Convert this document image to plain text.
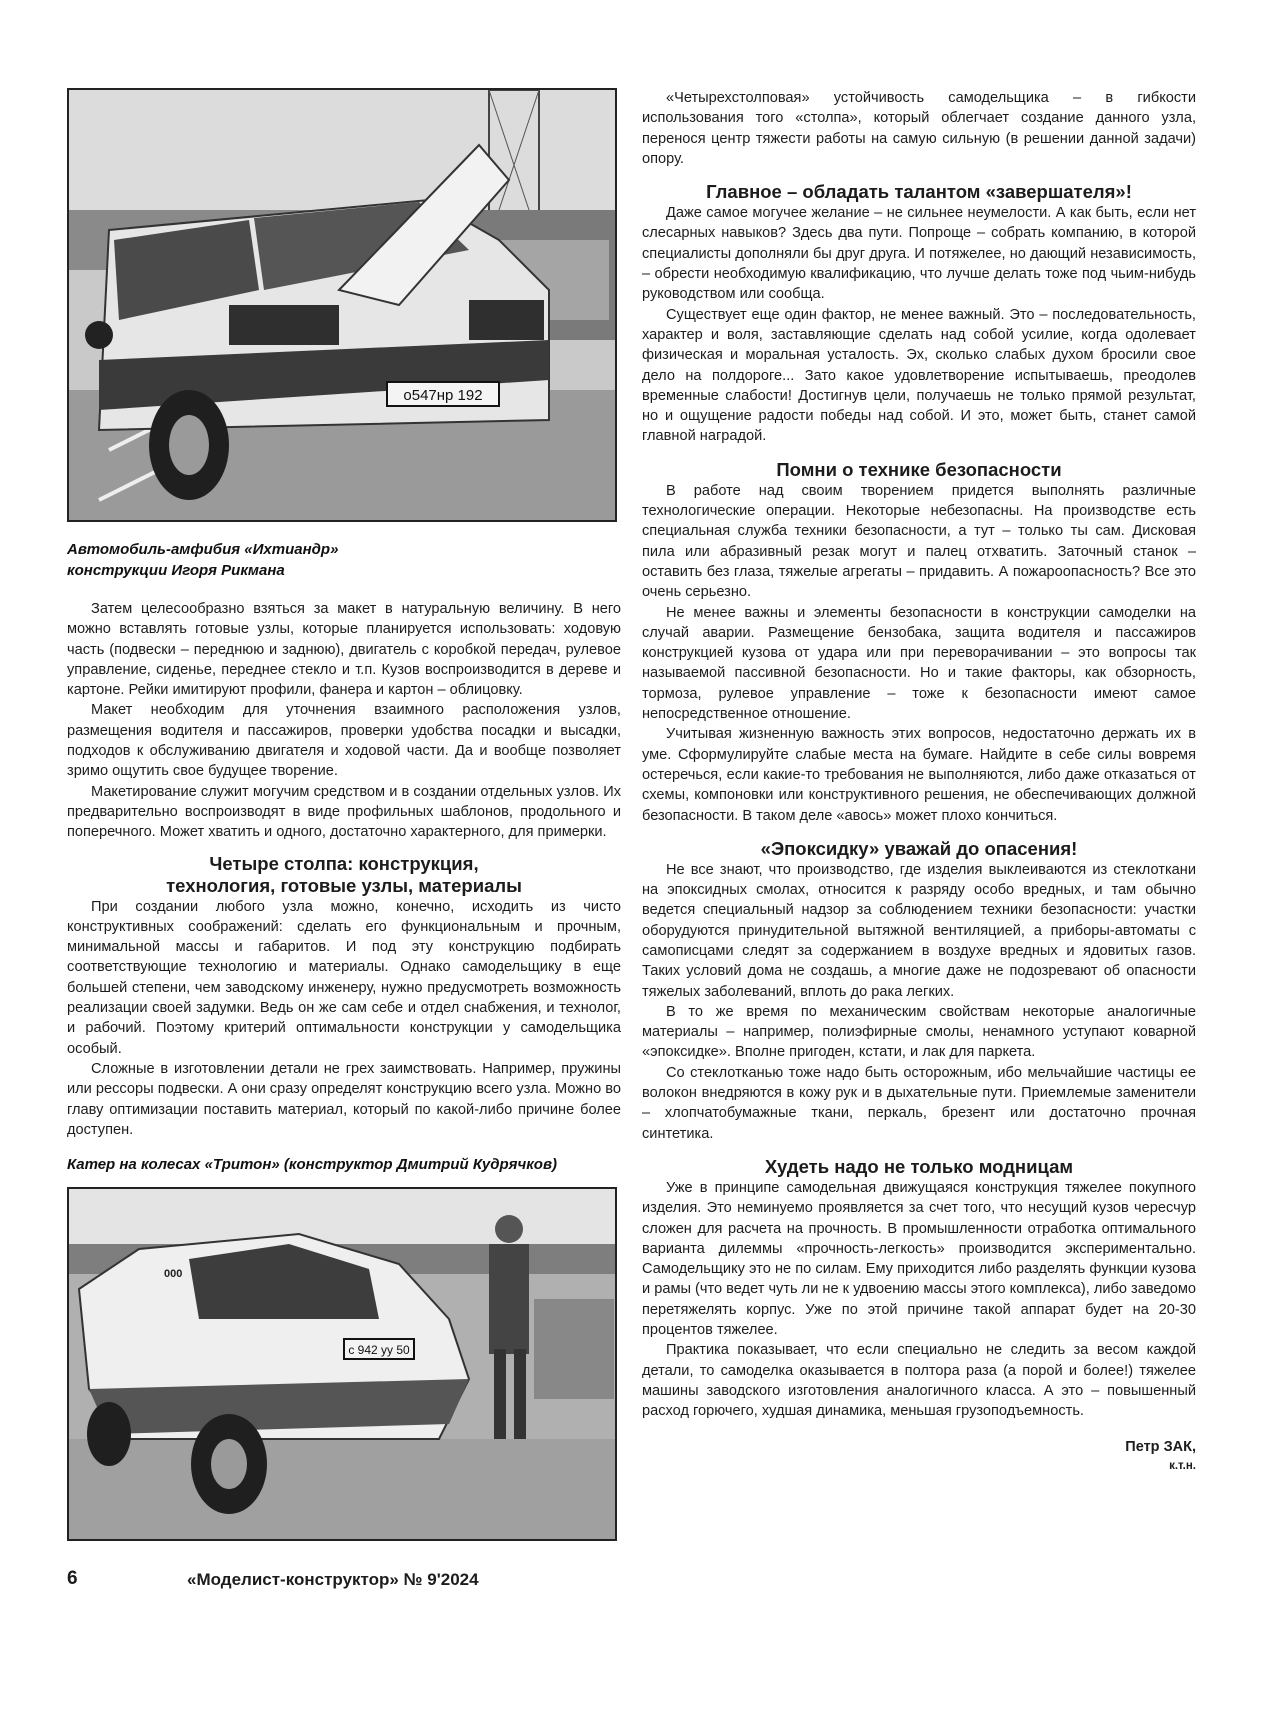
о547нр 192
Автомобиль-амфибия «Ихтиандр»
конструкции Игоря Рикмана

Затем целесообразно взяться за макет в натуральную величину. В него можно вставлять готовые узлы, которые планируется использовать: ходовую часть (подвески – переднюю и заднюю), двигатель с коробкой передач, рулевое управление, сиденье, переднее стекло и т.п. Кузов воспроизводится в дереве и картоне. Рейки имитируют профили, фанера и картон – облицовку.

Макет необходим для уточнения взаимного расположения узлов, размещения водителя и пассажиров, проверки удобства посадки и высадки, подходов к обслуживанию двигателя и ходовой части. Да и вообще позволяет зримо ощутить свое будущее творение.

Макетирование служит могучим средством и в создании отдельных узлов. Их предварительно воспроизводят в виде профильных шаблонов, продольного и поперечного. Может хватить и одного, достаточно характерного, для примерки.

Четыре столпа: конструкция,

технология, готовые узлы, материалы

При создании любого узла можно, конечно, исходить из чисто конструктивных соображений: сделать его функциональным и прочным, минимальной массы и габаритов. И под эту конструкцию подбирать соответствующие технологию и материалы. Однако самодельщику в еще большей степени, чем заводскому инженеру, нужно предусмотреть возможность реализации своей задумки. Ведь он же сам себе и отдел снабжения, и технолог, и рабочий. Поэтому критерий оптимальности конструкции у самодельщика особый.

Сложные в изготовлении детали не грех заимствовать. Например, пружины или рессоры подвески. А они сразу определят конструкцию всего узла. Можно во главу оптимизации поставить материал, который по какой-либо причине более доступен.

Катер на колесах «Тритон» (конструктор Дмитрий Кудрячков)
с 942 уу 50
000

«Четырехстолповая» устойчивость самодельщика – в гибкости использования того «столпа», который облегчает создание данного узла, перенося центр тяжести работы на самую сильную (в решении данной задачи) опору.

Главное – обладать талантом «завершателя»!

Даже самое могучее желание – не сильнее неумелости. А как быть, если нет слесарных навыков? Здесь два пути. Попроще – собрать компанию, в которой специалисты дополняли бы друг друга. И потяжелее, но дающий независимость, – обрести необходимую квалификацию, что лучше делать тоже под чьим-нибудь руководством или сообща.

Существует еще один фактор, не менее важный. Это – последовательность, характер и воля, заставляющие сделать над собой усилие, когда одолевает физическая и моральная усталость. Эх, сколько слабых духом бросили свое дело на полдороге... Зато какое удовлетворение испытываешь, преодолев временные слабости! Достигнув цели, получаешь не только прямой результат, но и ощущение радости победы над собой. И это, может быть, станет самой главной наградой.

Помни о технике безопасности

В работе над своим творением придется выполнять различные технологические операции. Некоторые небезопасны. На производстве есть специальная служба техники безопасности, а тут – только ты сам. Дисковая пила или абразивный резак могут и палец отхватить. Заточный станок – оставить без глаза, тяжелые агрегаты – придавить. А пожароопасность? Все это очень серьезно.

Не менее важны и элементы безопасности в конструкции самоделки на случай аварии. Размещение бензобака, защита водителя и пассажиров конструкцией кузова от удара или при переворачивании – это вопросы так называемой пассивной безопасности. Но и такие факторы, как обзорность, тормоза, рулевое управление – тоже к безопасности имеют самое непосредственное отношение.

Учитывая жизненную важность этих вопросов, недостаточно держать их в уме. Сформулируйте слабые места на бумаге. Найдите в себе силы вовремя остеречься, если какие-то требования не выполняются, либо даже отказаться от схемы, компоновки или конструктивного решения, не обеспечивающих должной безопасности. В таком деле «авось» может плохо кончиться.

«Эпоксидку» уважай до опасения!

Не все знают, что производство, где изделия выклеиваются из стеклоткани на эпоксидных смолах, относится к разряду особо вредных, и там обычно ведется специальный надзор за соблюдением техники безопасности: участки оборудуются принудительной вытяжной вентиляцией, а приборы-автоматы с самописцами следят за содержанием в воздухе вредных и ядовитых газов. Таких условий дома не создашь, а многие даже не подозревают об опасности тяжелых заболеваний, вплоть до рака легких.

В то же время по механическим свойствам некоторые аналогичные материалы – например, полиэфирные смолы, ненамного уступают коварной «эпоксидке». Вполне пригоден, кстати, и лак для паркета.

Со стеклотканью тоже надо быть осторожным, ибо мельчайшие частицы ее волокон внедряются в кожу рук и в дыхательные пути. Приемлемые заменители – хлопчатобумажные ткани, перкаль, брезент или достаточно прочная синтетика.

Худеть надо не только модницам

Уже в принципе самодельная движущаяся конструкция тяжелее покупного изделия. Это неминуемо проявляется за счет того, что несущий кузов чересчур сложен для расчета на прочность. В промышленности отработка оптимального варианта дилеммы «прочность-легкость» производится экспериментально. Самодельщику это не по силам. Ему приходится либо разделять функции кузова и рамы (что ведет чуть ли не к удвоению массы этого комплекса), либо заведомо перетяжелять корпус. Уже по этой причине такой аппарат будет на 20-30 процентов тяжелее.

Практика показывает, что если специально не следить за весом каждой детали, то самоделка оказывается в полтора раза (а порой и более!) тяжелее машины заводского изготовления аналогичного класса. А это – повышенный расход горючего, худшая динамика, меньшая грузоподъемность.

Петр ЗАК,
к.т.н.
6	«Моделист-конструктор» № 9'2024
